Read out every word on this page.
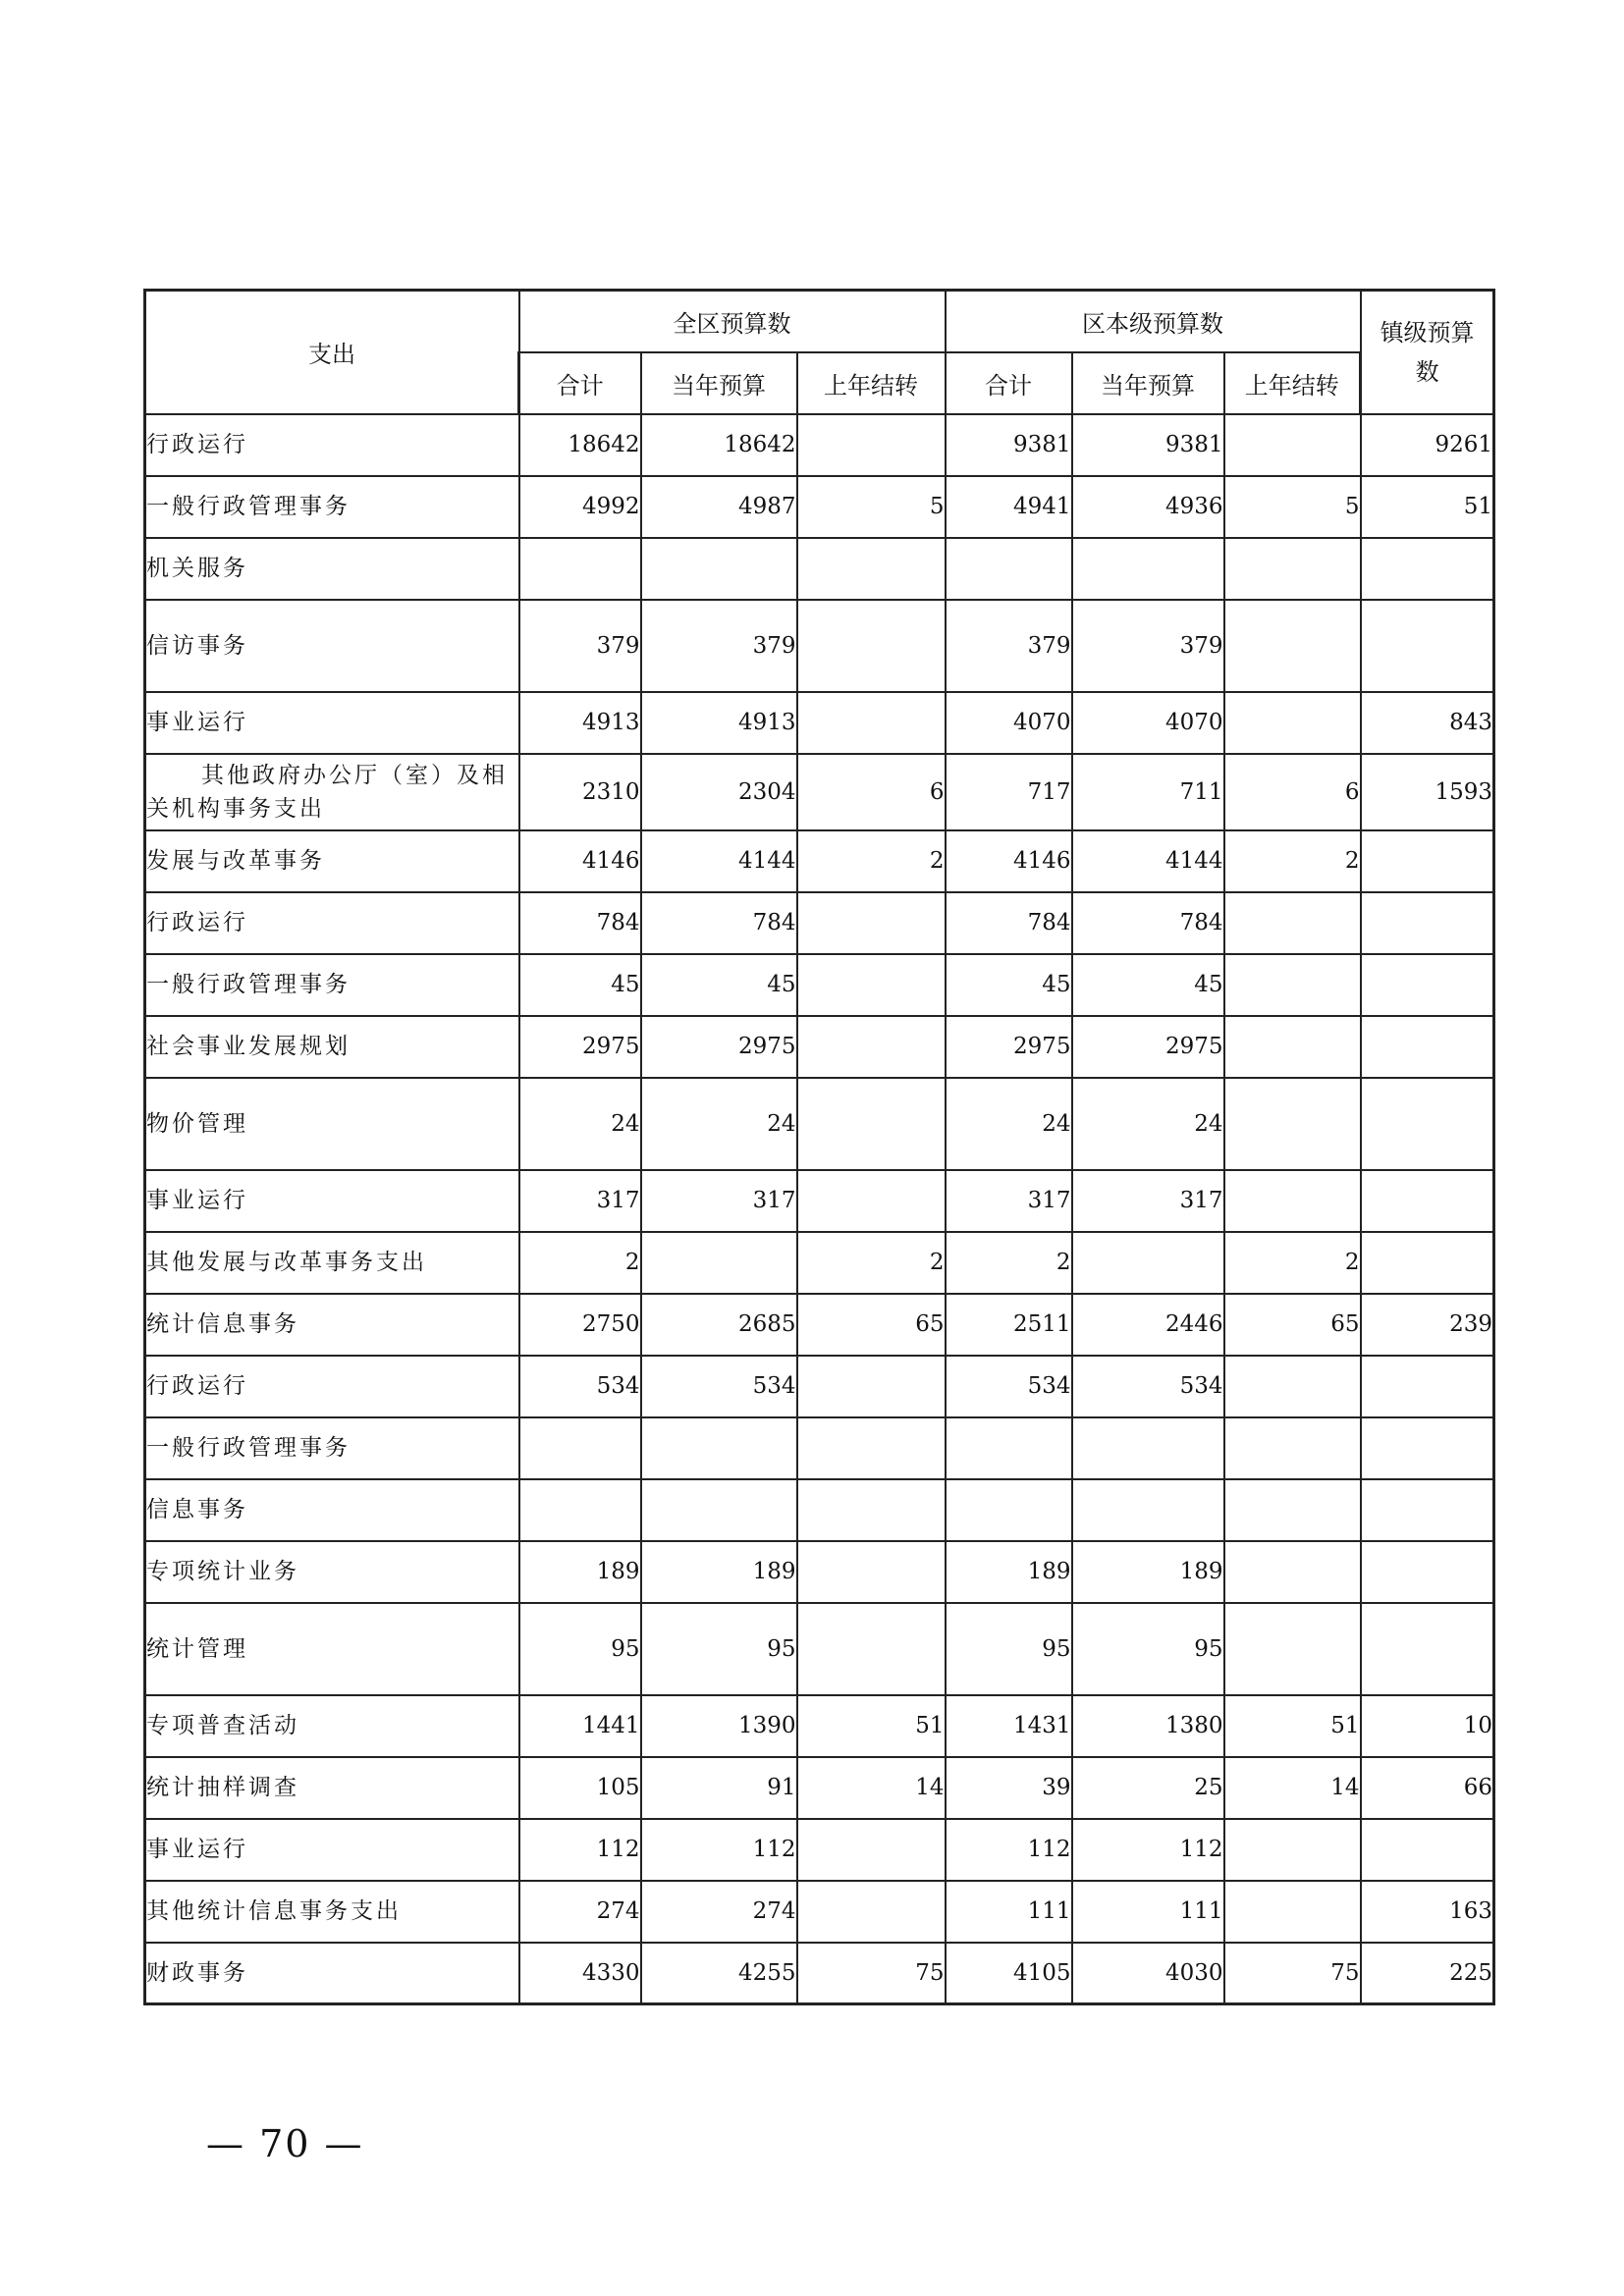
支出	全区预算数			区本级预算数			镇级预算数
	合计	当年预算	上年结转	合计	当年预算	上年结转	
行政运行	18642	18642		9381	9381		9261
一般行政管理事务	4992	4987	5	4941	4936	5	51
机关服务							
信访事务	379	379		379	379		
事业运行	4913	4913		4070	4070		843
其他政府办公厅（室）及相关机构事务支出	2310	2304	6	717	711	6	1593
发展与改革事务	4146	4144	2	4146	4144	2	
行政运行	784	784		784	784		
一般行政管理事务	45	45		45	45		
社会事业发展规划	2975	2975		2975	2975		
物价管理	24	24		24	24		
事业运行	317	317		317	317		
其他发展与改革事务支出	2		2	2		2	
统计信息事务	2750	2685	65	2511	2446	65	239
行政运行	534	534		534	534		
一般行政管理事务							
信息事务							
专项统计业务	189	189		189	189		
统计管理	95	95		95	95		
专项普查活动	1441	1390	51	1431	1380	51	10
统计抽样调查	105	91	14	39	25	14	66
事业运行	112	112		112	112		
其他统计信息事务支出	274	274		111	111		163
财政事务	4330	4255	75	4105	4030	75	225
— 70 —
